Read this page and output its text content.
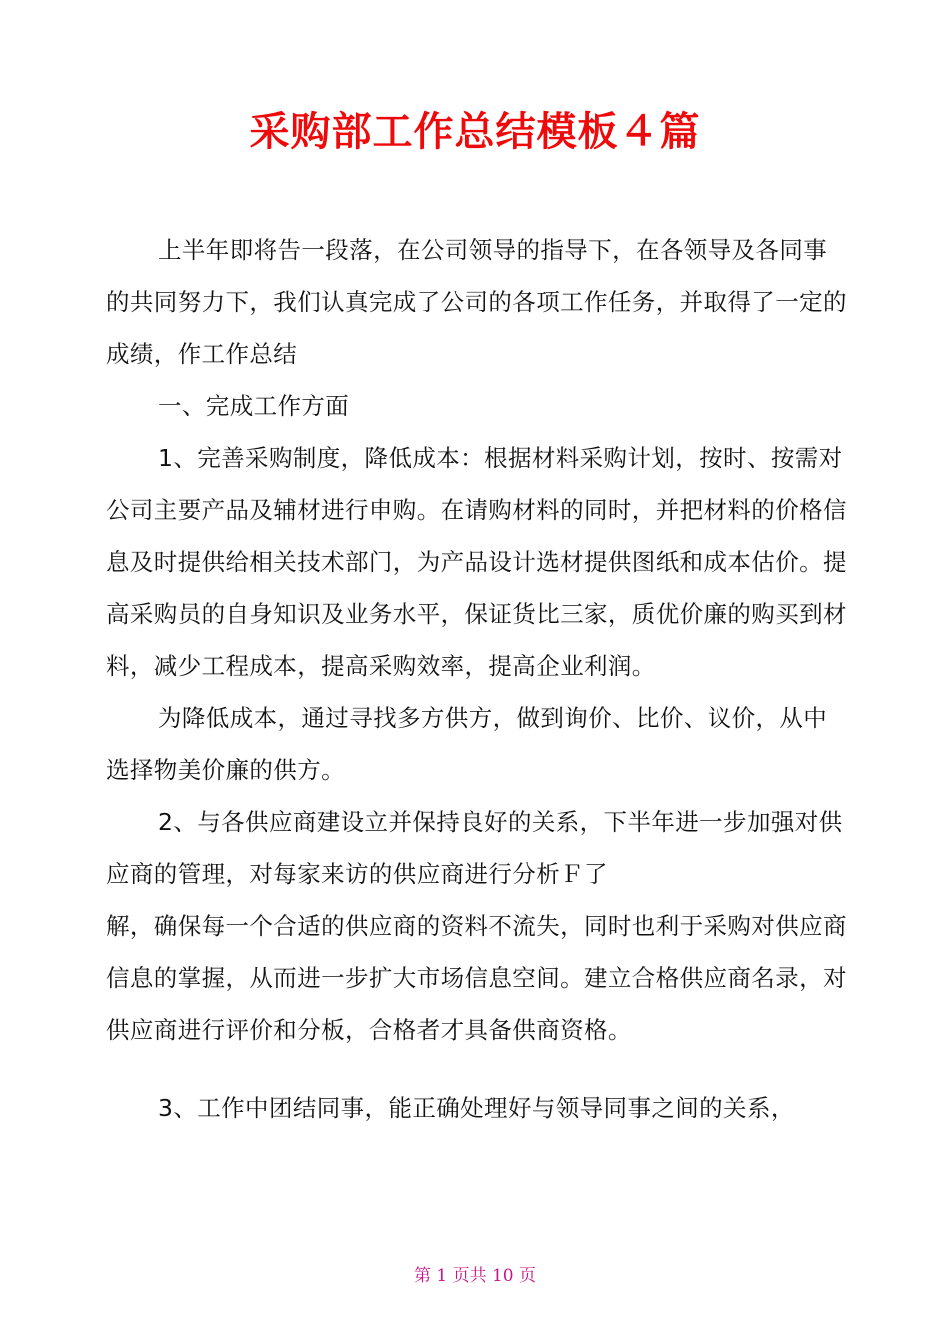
采购部工作总结模板４篇

上半年即将告一段落，在公司领导的指导下，在各领导及各同事的共同努力下，我们认真完成了公司的各项工作任务，并取得了一定的成绩，作工作总结

一、完成工作方面

1、完善采购制度，降低成本：根据材料采购计划，按时、按需对公司主要产品及辅材进行申购。在请购材料的同时，并把材料的价格信息及时提供给相关技术部门，为产品设计选材提供图纸和成本估价。提高采购员的自身知识及业务水平，保证货比三家，质优价廉的购买到材料，减少工程成本，提高采购效率，提高企业利润。

为降低成本，通过寻找多方供方，做到询价、比价、议价，从中选择物美价廉的供方。

2、与各供应商建设立并保持良好的关系，下半年进一步加强对供应商的管理，对每家来访的供应商进行分析Ｆ了

解，确保每一个合适的供应商的资料不流失，同时也利于采购对供应商信息的掌握，从而进一步扩大市场信息空间。建立合格供应商名录，对供应商进行评价和分板，合格者才具备供商资格。

3、工作中团结同事，能正确处理好与领导同事之间的关系，

第 1 页共 10 页
